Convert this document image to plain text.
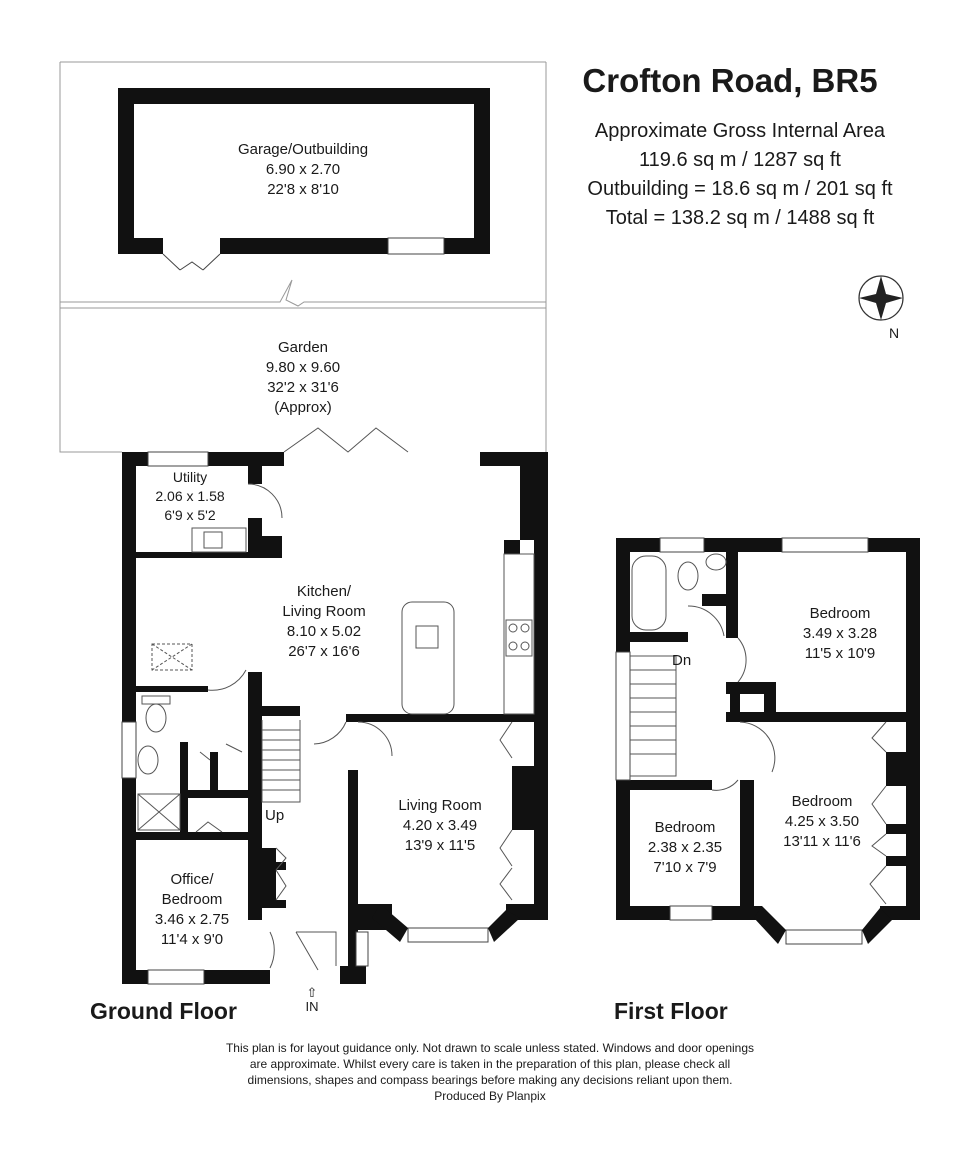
Crofton Road, BR5
Approximate Gross Internal Area
119.6 sq m / 1287 sq ft
Outbuilding = 18.6 sq m / 201 sq ft
Total = 138.2 sq m / 1488 sq ft
N
Garage/Outbuilding
6.90 x 2.70
22'8 x 8'10
Garden
9.80 x 9.60
32'2 x 31'6
(Approx)
Utility
2.06 x 1.58
6'9 x 5'2
Kitchen/
Living Room
8.10 x 5.02
26'7 x 16'6
Living Room
4.20 x 3.49
13'9 x 11'5
Office/
Bedroom
3.46 x 2.75
11'4 x 9'0
Bedroom
3.49 x 3.28
11'5 x 10'9
Bedroom
4.25 x 3.50
13'11 x 11'6
Bedroom
2.38 x 2.35
7'10 x 7'9
Up
Dn
⇧
IN
Ground Floor	First Floor
This plan is for layout guidance only. Not drawn to scale unless stated. Windows and door openings
are approximate. Whilst every care is taken in the preparation of this plan, please check all
dimensions, shapes and compass bearings before making any decisions reliant upon them.
Produced By Planpix
